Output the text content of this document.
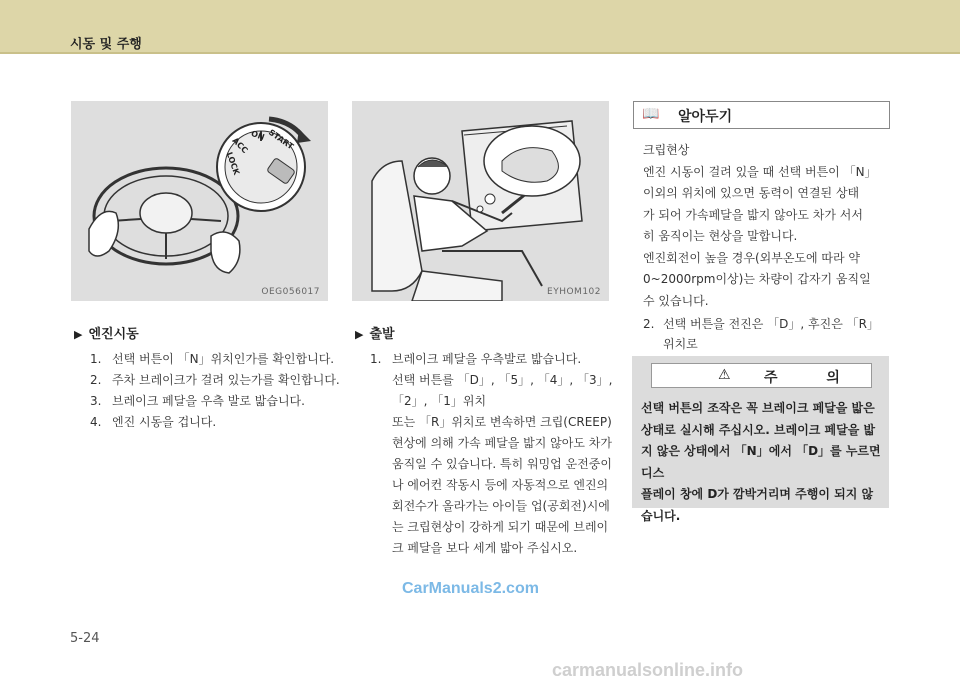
시동 및 주행
LOCK
ACC
ON START
OEG056017	EYHOM102
▶ 엔진시동
1. 선택 버튼이 「N」위치인가를 확인합니다.
2. 주차 브레이크가 걸려 있는가를 확인합니다.
3. 브레이크 페달을 우측 발로 밟습니다.
4. 엔진 시동을 겁니다.
▶ 출발
1. 브레이크 페달을 우측발로 밟습니다.
선택 버튼를 「D」, 「5」, 「4」, 「3」, 「2」, 「1」위치
또는 「R」위치로 변속하면 크립(CREEP)
현상에 의해 가속 페달을 밟지 않아도 차가
움직일 수 있습니다. 특히 워밍업 운전중이
나 에어컨 작동시 등에 자동적으로 엔진의
회전수가 올라가는 아이들 업(공회전)시에
는 크립현상이 강하게 되기 때문에 브레이
크 페달을 보다 세게 밟아 주십시오.
📖 알아두기
크립현상
엔진 시동이 걸려 있을 때 선택 버튼이 「N」
이외의 위치에 있으면 동력이 연결된 상태
가 되어 가속페달을 밟지 않아도 차가 서서
히 움직이는 현상을 말합니다.
엔진회전이 높을 경우(외부온도에 따라 약
0~2000rpm이상)는 차량이 갑자기 움직일
수 있습니다.
2. 선택 버튼을 전진은 「D」, 후진은 「R」 위치로
⚠ 주 의
선택 버튼의 조작은 꼭 브레이크 페달을 밟은
상태로 실시해 주십시오. 브레이크 페달을 밟
지 않은 상태에서 「N」에서 「D」를 누르면 디스
플레이 창에 D가 깜박거리며 주행이 되지 않
습니다.
CarManuals2.com
5-24
carmanualsonline.info
